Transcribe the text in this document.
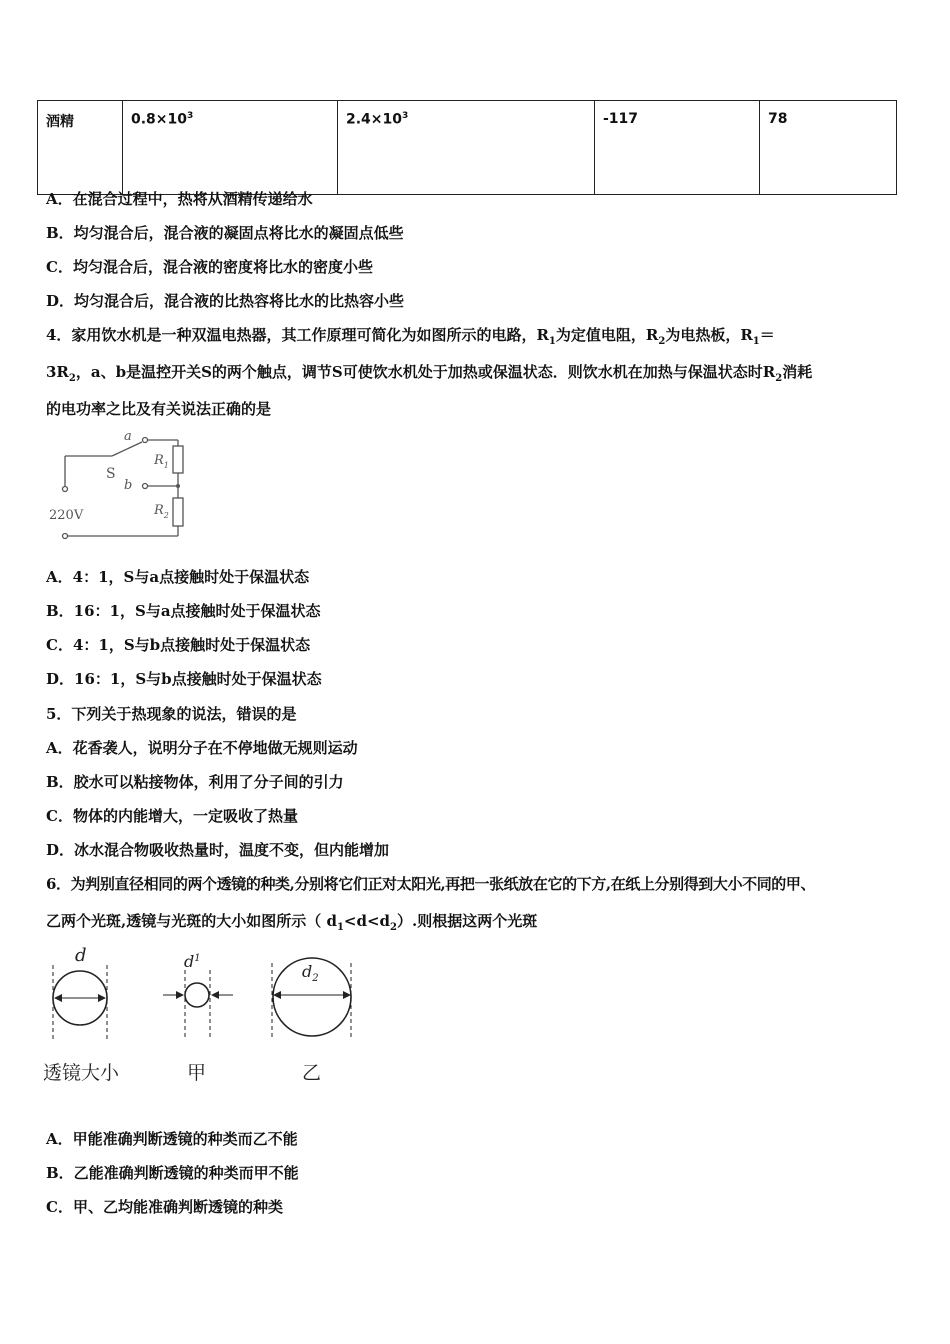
酒精	$0.8\times 10^3$	$2.4\times 10^3$	‐117	78
A．在混合过程中，热将从酒精传递给水
B．均匀混合后，混合液的凝固点将比水的凝固点低些
C．均匀混合后，混合液的密度将比水的密度小些
D．均匀混合后，混合液的比热容将比水的比热容小些
4．家用饮水机是一种双温电热器，其工作原理可简化为如图所示的电路，$R_1$为定值电阻，$R_2$为电热板，$R_1=$
$3R_2$，a、b是温控开关S的两个触点，调节S可使饮水机处于加热或保温状态．则饮水机在加热与保温状态时$R_2$消耗
的电功率之比及有关说法正确的是
a
S
b
$R_1$
$R_2$
220V
A．4：1，S与a点接触时处于保温状态
B．16：1，S与a点接触时处于保温状态
C．4：1，S与b点接触时处于保温状态
D．16：1，S与b点接触时处于保温状态
5．下列关于热现象的说法，错误的是
A．花香袭人，说明分子在不停地做无规则运动
B．胶水可以粘接物体，利用了分子间的引力
C．物体的内能增大，一定吸收了热量
D．冰水混合物吸收热量时，温度不变，但内能增加
6．为判别直径相同的两个透镜的种类,分别将它们正对太阳光,再把一张纸放在它的下方,在纸上分别得到大小不同的甲、
乙两个光斑,透镜与光斑的大小如图所示（ $d_1<d<d_2$）.则根据这两个光斑
d	$d^1$
$d_2$
透镜大小	甲	乙
A．甲能准确判断透镜的种类而乙不能
B．乙能准确判断透镜的种类而甲不能
C．甲、乙均能准确判断透镜的种类
